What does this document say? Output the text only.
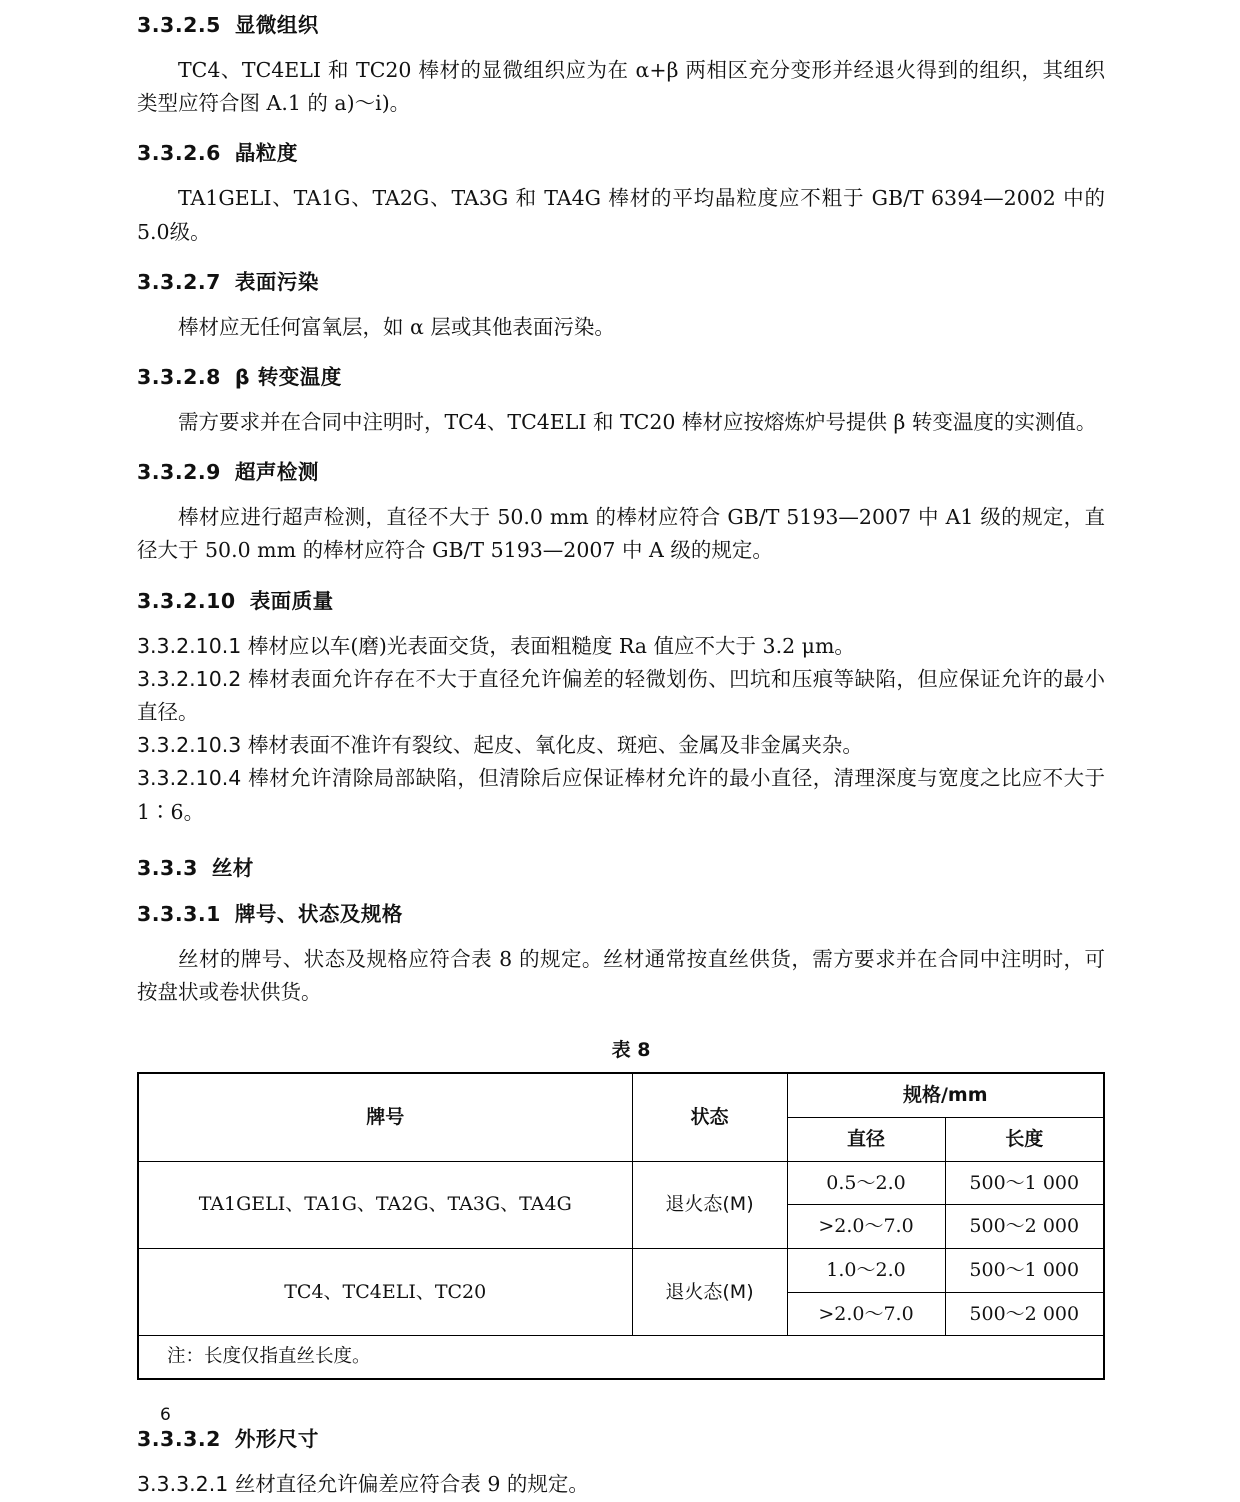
3.3.2.5 显微组织

TC4、TC4ELI 和 TC20 棒材的显微组织应为在 α+β 两相区充分变形并经退火得到的组织，其组织类型应符合图 A.1 的 a)～i)。

3.3.2.6 晶粒度

TA1GELI、TA1G、TA2G、TA3G 和 TA4G 棒材的平均晶粒度应不粗于 GB/T 6394—2002 中的5.0级。

3.3.2.7 表面污染

棒材应无任何富氧层，如 α 层或其他表面污染。

3.3.2.8 β 转变温度

需方要求并在合同中注明时，TC4、TC4ELI 和 TC20 棒材应按熔炼炉号提供 β 转变温度的实测值。

3.3.2.9 超声检测

棒材应进行超声检测，直径不大于 50.0 mm 的棒材应符合 GB/T 5193—2007 中 A1 级的规定，直径大于 50.0 mm 的棒材应符合 GB/T 5193—2007 中 A 级的规定。

3.3.2.10 表面质量

3.3.2.10.1 棒材应以车(磨)光表面交货，表面粗糙度 Ra 值应不大于 3.2 μm。

3.3.2.10.2 棒材表面允许存在不大于直径允许偏差的轻微划伤、凹坑和压痕等缺陷，但应保证允许的最小直径。

3.3.2.10.3 棒材表面不准许有裂纹、起皮、氧化皮、斑疤、金属及非金属夹杂。

3.3.2.10.4 棒材允许清除局部缺陷，但清除后应保证棒材允许的最小直径，清理深度与宽度之比应不大于 1∶6。

3.3.3 丝材
3.3.3.1 牌号、状态及规格

丝材的牌号、状态及规格应符合表 8 的规定。丝材通常按直丝供货，需方要求并在合同中注明时，可按盘状或卷状供货。

表 8
牌号	状态	规格/mm	
		直径	长度
TA1GELI、TA1G、TA2G、TA3G、TA4G	退火态(M)	0.5～2.0	500～1 000
		>2.0～7.0	500～2 000
TC4、TC4ELI、TC20	退火态(M)	1.0～2.0	500～1 000
		>2.0～7.0	500～2 000
注：长度仅指直丝长度。			
3.3.3.2 外形尺寸

3.3.3.2.1 丝材直径允许偏差应符合表 9 的规定。

6
